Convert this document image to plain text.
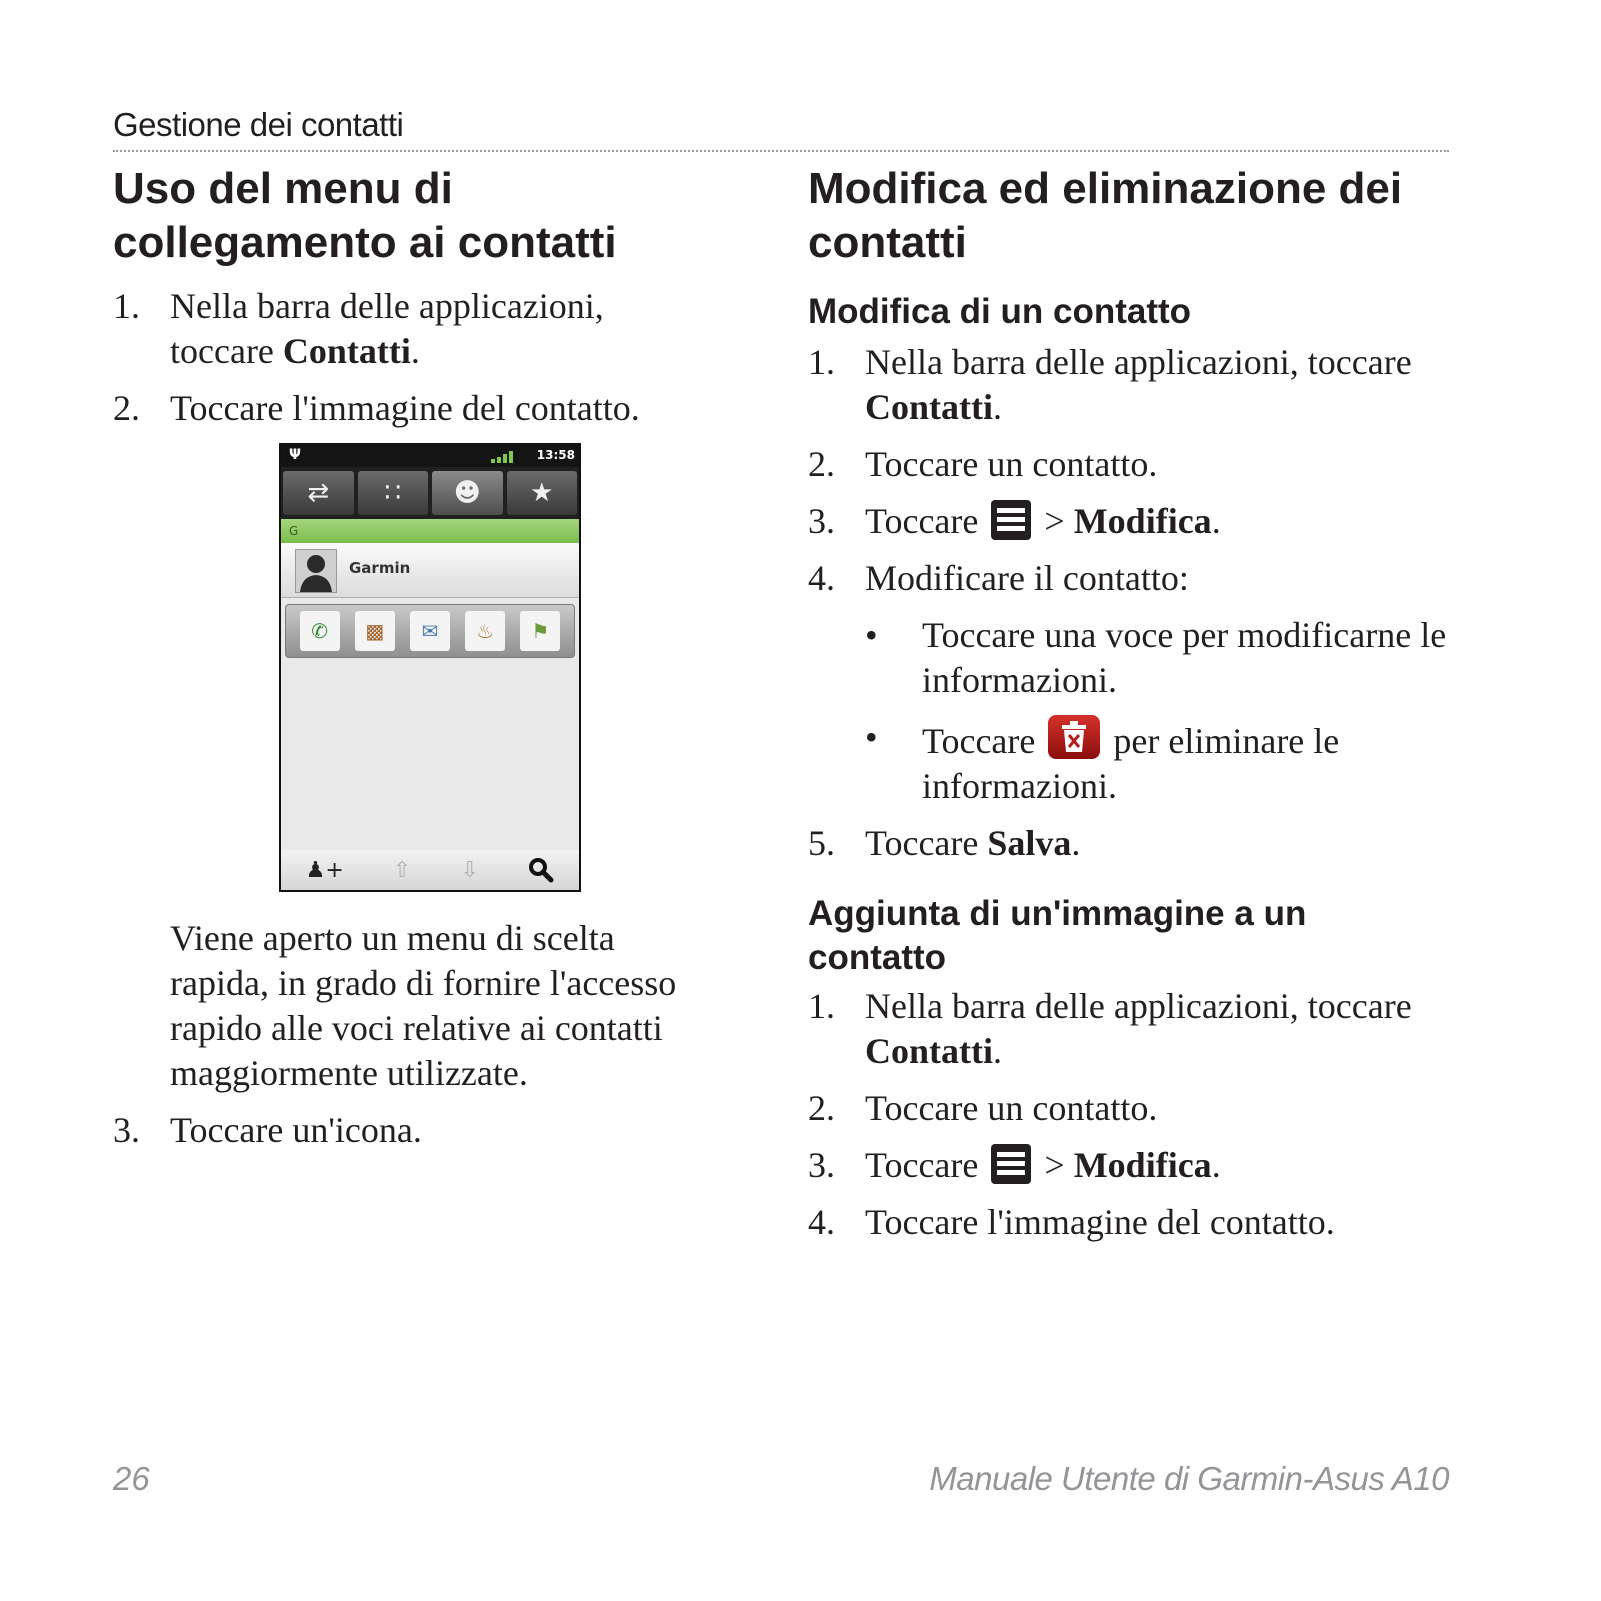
Gestione dei contatti
Uso del menu di collegamento ai contatti
1. Nella barra delle applicazioni, toccare Contatti.
2. Toccare l'immagine del contatto.
Ψ	13:58
⇄	∷	☻	★
G
Garmin
✆	▩	✉	♨	⚑
♟+ ⇧ ⇩
Viene aperto un menu di scelta rapida, in grado di fornire l'accesso rapido alle voci relative ai contatti maggiormente utilizzate.
3. Toccare un'icona.
Modifica ed eliminazione dei contatti
Modifica di un contatto
1. Nella barra delle applicazioni, toccare Contatti.
2. Toccare un contatto.
3. Toccare
> Modifica.
4. Modificare il contatto:
• Toccare una voce per modificarne le informazioni.
• Toccare
per eliminare le informazioni.
5. Toccare Salva.
Aggiunta di un'immagine a un contatto
1. Nella barra delle applicazioni, toccare Contatti.
2. Toccare un contatto.
3. Toccare
> Modifica.
4. Toccare l'immagine del contatto.
26	Manuale Utente di Garmin-Asus A10
